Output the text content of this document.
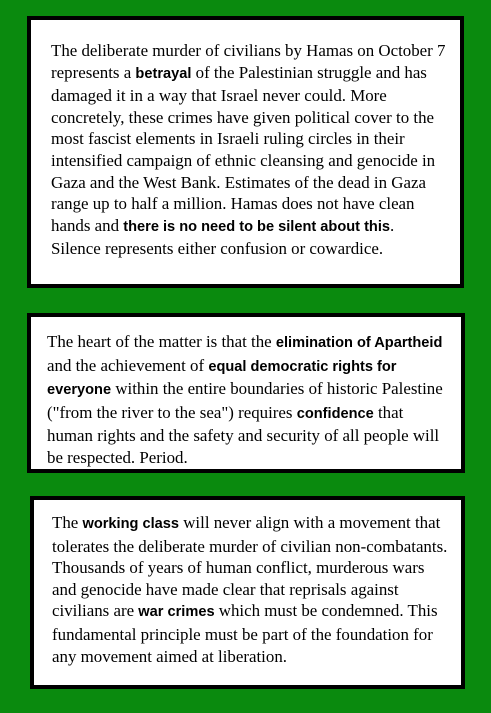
The deliberate murder of civilians by Hamas on October 7 represents a betrayal of the Palestinian struggle and has damaged it in a way that Israel never could. More concretely, these crimes have given political cover to the most fascist elements in Israeli ruling circles in their intensified campaign of ethnic cleansing and genocide in Gaza and the West Bank. Estimates of the dead in Gaza range up to half a million. Hamas does not have clean hands and there is no need to be silent about this. Silence represents either confusion or cowardice.

The heart of the matter is that the elimination of Apartheid and the achievement of equal democratic rights for everyone within the entire boundaries of historic Palestine ("from the river to the sea") requires confidence that human rights and the safety and security of all people will be respected. Period.

The working class will never align with a movement that tolerates the deliberate murder of civilian non-combatants. Thousands of years of human conflict, murderous wars and genocide have made clear that reprisals against civilians are war crimes which must be condemned. This fundamental principle must be part of the foundation for any movement aimed at liberation.
